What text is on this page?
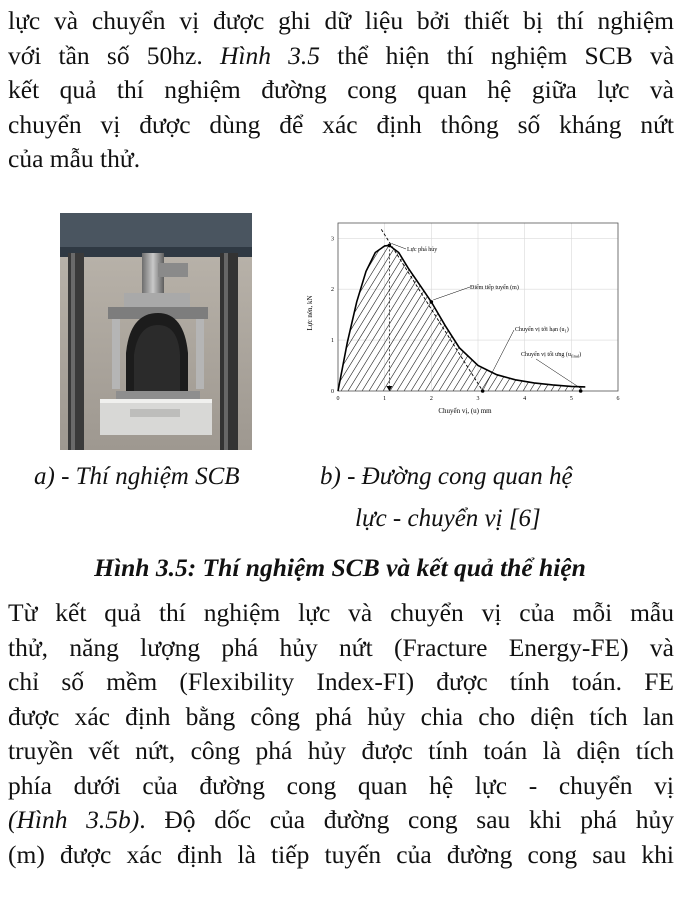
lực và chuyển vị được ghi dữ liệu bởi thiết bị thí nghiệm
với tần số 50hz. Hình 3.5 thể hiện thí nghiệm SCB và
kết quả thí nghiệm đường cong quan hệ giữa lực và
chuyển vị được dùng để xác định thông số kháng nứt
của mẫu thử.
0	1	2	3	4	5	6
0
1
2
3
Lực nén, kN
Chuyển vị, (u) mm
Lực phá hủy
Điểm tiếp tuyến (m)
Chuyển vị tới hạn $(u_1)$
Chuyển vị tối ưng $(u_{final})$
a) - Thí nghiệm SCB	b) - Đường cong quan hệ
lực - chuyển vị [6]
Hình 3.5: Thí nghiệm SCB và kết quả thể hiện
Từ kết quả thí nghiệm lực và chuyển vị của mỗi mẫu
thử, năng lượng phá hủy nứt (Fracture Energy-FE) và
chỉ số mềm (Flexibility Index-FI) được tính toán. FE
được xác định bằng công phá hủy chia cho diện tích lan
truyền vết nứt, công phá hủy được tính toán là diện tích
phía dưới của đường cong quan hệ lực - chuyển vị
(Hình 3.5b). Độ dốc của đường cong sau khi phá hủy
(m) được xác định là tiếp tuyến của đường cong sau khi
